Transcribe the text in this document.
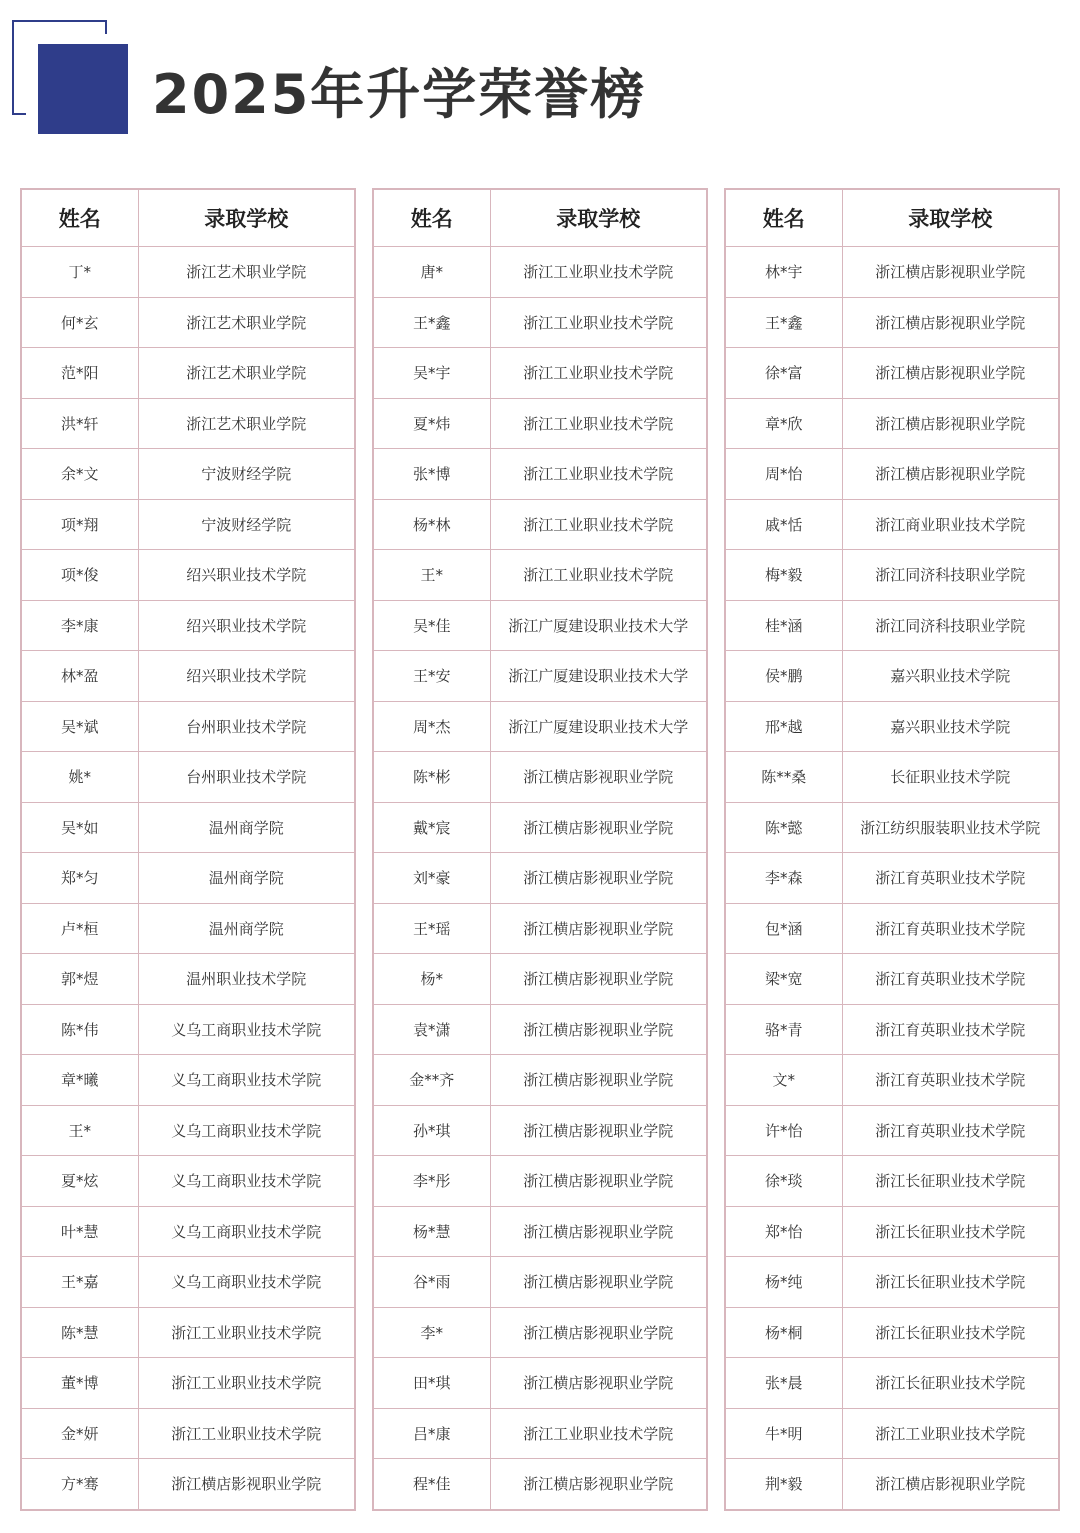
2025年升学荣誉榜
姓名	录取学校
丁*	浙江艺术职业学院
何*玄	浙江艺术职业学院
范*阳	浙江艺术职业学院
洪*轩	浙江艺术职业学院
余*文	宁波财经学院
项*翔	宁波财经学院
项*俊	绍兴职业技术学院
李*康	绍兴职业技术学院
林*盈	绍兴职业技术学院
吴*斌	台州职业技术学院
姚*	台州职业技术学院
吴*如	温州商学院
郑*匀	温州商学院
卢*桓	温州商学院
郭*煜	温州职业技术学院
陈*伟	义乌工商职业技术学院
章*曦	义乌工商职业技术学院
王*	义乌工商职业技术学院
夏*炫	义乌工商职业技术学院
叶*慧	义乌工商职业技术学院
王*嘉	义乌工商职业技术学院
陈*慧	浙江工业职业技术学院
董*博	浙江工业职业技术学院
金*妍	浙江工业职业技术学院
方*骞	浙江横店影视职业学院
姓名	录取学校
唐*	浙江工业职业技术学院
王*鑫	浙江工业职业技术学院
吴*宇	浙江工业职业技术学院
夏*炜	浙江工业职业技术学院
张*博	浙江工业职业技术学院
杨*林	浙江工业职业技术学院
王*	浙江工业职业技术学院
吴*佳	浙江广厦建设职业技术大学
王*安	浙江广厦建设职业技术大学
周*杰	浙江广厦建设职业技术大学
陈*彬	浙江横店影视职业学院
戴*宸	浙江横店影视职业学院
刘*豪	浙江横店影视职业学院
王*瑶	浙江横店影视职业学院
杨*	浙江横店影视职业学院
袁*潇	浙江横店影视职业学院
金**齐	浙江横店影视职业学院
孙*琪	浙江横店影视职业学院
李*彤	浙江横店影视职业学院
杨*慧	浙江横店影视职业学院
谷*雨	浙江横店影视职业学院
李*	浙江横店影视职业学院
田*琪	浙江横店影视职业学院
吕*康	浙江工业职业技术学院
程*佳	浙江横店影视职业学院
姓名	录取学校
林*宇	浙江横店影视职业学院
王*鑫	浙江横店影视职业学院
徐*富	浙江横店影视职业学院
章*欣	浙江横店影视职业学院
周*怡	浙江横店影视职业学院
戚*恬	浙江商业职业技术学院
梅*毅	浙江同济科技职业学院
桂*涵	浙江同济科技职业学院
侯*鹏	嘉兴职业技术学院
邢*越	嘉兴职业技术学院
陈**桑	长征职业技术学院
陈*懿	浙江纺织服装职业技术学院
李*森	浙江育英职业技术学院
包*涵	浙江育英职业技术学院
梁*宽	浙江育英职业技术学院
骆*青	浙江育英职业技术学院
文*	浙江育英职业技术学院
许*怡	浙江育英职业技术学院
徐*琰	浙江长征职业技术学院
郑*怡	浙江长征职业技术学院
杨*纯	浙江长征职业技术学院
杨*桐	浙江长征职业技术学院
张*晨	浙江长征职业技术学院
牛*明	浙江工业职业技术学院
荆*毅	浙江横店影视职业学院
